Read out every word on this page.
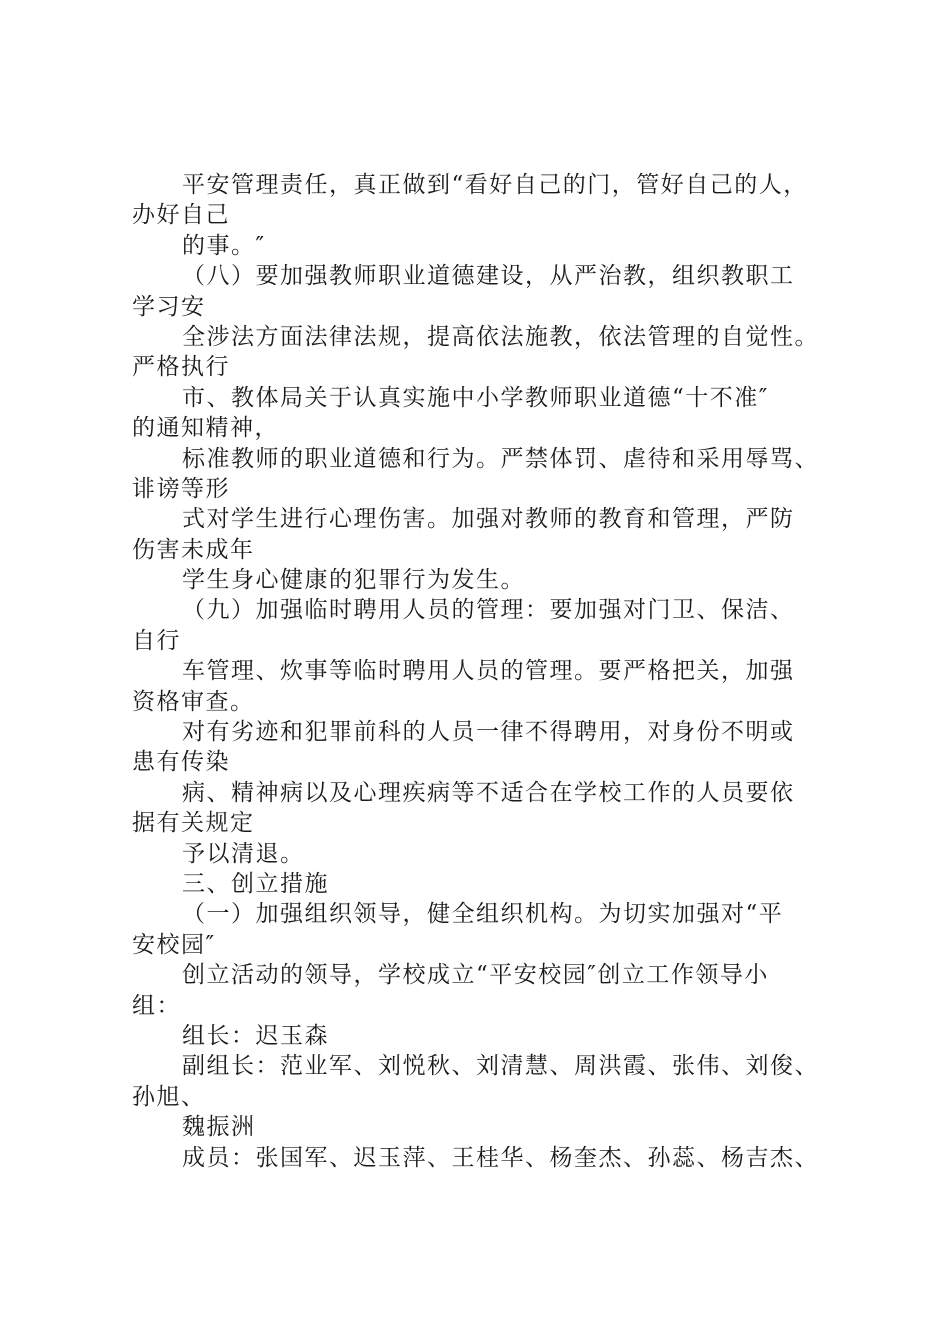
平安管理责任，真正做到“看好自己的门，管好自己的人，
办好自己
的事。″
（八）要加强教师职业道德建设，从严治教，组织教职工
学习安
全涉法方面法律法规，提高依法施教，依法管理的自觉性。
严格执行
市、教体局关于认真实施中小学教师职业道德“十不准″
的通知精神，
标准教师的职业道德和行为。严禁体罚、虐待和采用辱骂、
诽谤等形
式对学生进行心理伤害。加强对教师的教育和管理，严防
伤害未成年
学生身心健康的犯罪行为发生。
（九）加强临时聘用人员的管理：要加强对门卫、保洁、
自行
车管理、炊事等临时聘用人员的管理。要严格把关，加强
资格审查。
对有劣迹和犯罪前科的人员一律不得聘用，对身份不明或
患有传染
病、精神病以及心理疾病等不适合在学校工作的人员要依
据有关规定
予以清退。
三、创立措施
（一）加强组织领导，健全组织机构。为切实加强对“平
安校园″
创立活动的领导，学校成立“平安校园″创立工作领导小
组：
组长：迟玉森
副组长：范业军、刘悦秋、刘清慧、周洪霞、张伟、刘俊、
孙旭、
魏振洲
成员：张国军、迟玉萍、王桂华、杨奎杰、孙蕊、杨吉杰、
